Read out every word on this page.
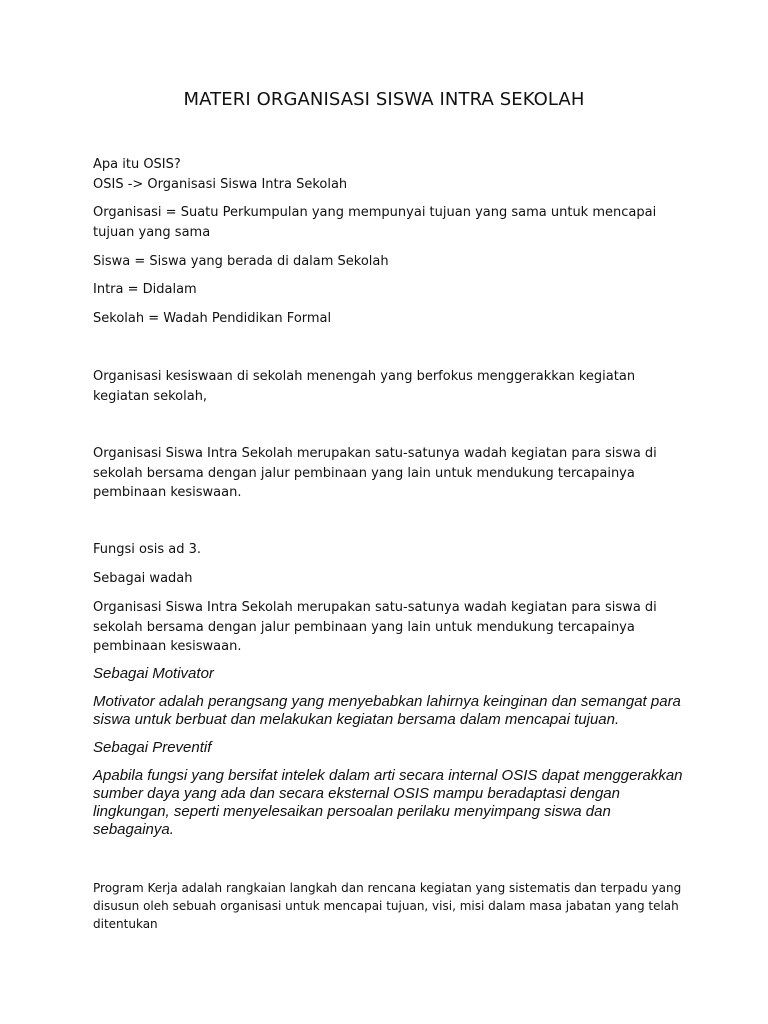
MATERI ORGANISASI SISWA INTRA SEKOLAH

Apa itu OSIS?

OSIS -> Organisasi Siswa Intra Sekolah

Organisasi = Suatu Perkumpulan yang mempunyai tujuan yang sama untuk mencapai tujuan yang sama

Siswa = Siswa yang berada di dalam Sekolah

Intra = Didalam

Sekolah = Wadah Pendidikan Formal

Organisasi kesiswaan di sekolah menengah yang berfokus menggerakkan kegiatan kegiatan sekolah,

Organisasi Siswa Intra Sekolah merupakan satu-satunya wadah kegiatan para siswa di sekolah bersama dengan jalur pembinaan yang lain untuk mendukung tercapainya pembinaan kesiswaan.

Fungsi osis ad 3.

Sebagai wadah

Organisasi Siswa Intra Sekolah merupakan satu-satunya wadah kegiatan para siswa di sekolah bersama dengan jalur pembinaan yang lain untuk mendukung tercapainya pembinaan kesiswaan.

Sebagai Motivator

Motivator adalah perangsang yang menyebabkan lahirnya keinginan dan semangat para siswa untuk berbuat dan melakukan kegiatan bersama dalam mencapai tujuan.

Sebagai Preventif

Apabila fungsi yang bersifat intelek dalam arti secara internal OSIS dapat menggerakkan sumber daya yang ada dan secara eksternal OSIS mampu beradaptasi dengan lingkungan, seperti menyelesaikan persoalan perilaku menyimpang siswa dan sebagainya.

Program Kerja adalah rangkaian langkah dan rencana kegiatan yang sistematis dan terpadu yang disusun oleh sebuah organisasi untuk mencapai tujuan, visi, misi dalam masa jabatan yang telah ditentukan
